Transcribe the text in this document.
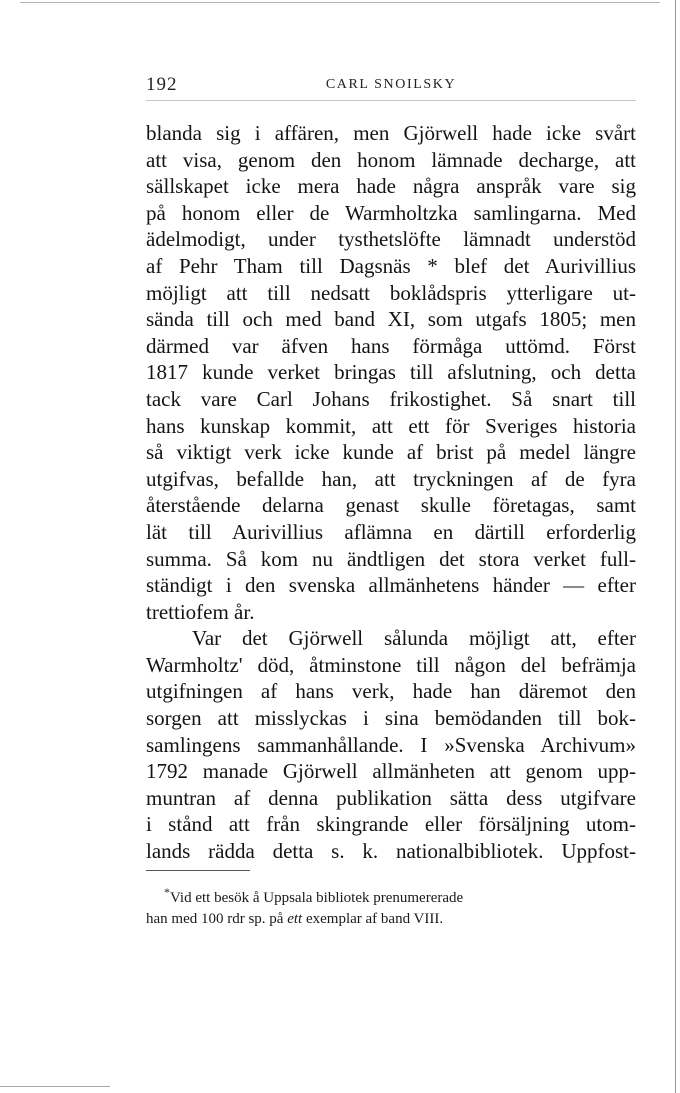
192	CARL SNOILSKY
blanda sig i affären, men Gjörwell hade icke svårt
att visa, genom den honom lämnade decharge, att
sällskapet icke mera hade några anspråk vare sig
på honom eller de Warmholtzka samlingarna. Med
ädelmodigt, under tysthetslöfte lämnadt understöd
af Pehr Tham till Dagsnäs * blef det Aurivillius
möjligt att till nedsatt boklådspris ytterligare ut-
sända till och med band XI, som utgafs 1805; men
därmed var äfven hans förmåga uttömd. Först
1817 kunde verket bringas till afslutning, och detta
tack vare Carl Johans frikostighet. Så snart till
hans kunskap kommit, att ett för Sveriges historia
så viktigt verk icke kunde af brist på medel längre
utgifvas, befallde han, att tryckningen af de fyra
återstående delarna genast skulle företagas, samt
lät till Aurivillius aflämna en därtill erforderlig
summa. Så kom nu ändtligen det stora verket full-
ständigt i den svenska allmänhetens händer — efter
trettiofem år.
Var det Gjörwell sålunda möjligt att, efter
Warmholtz' död, åtminstone till någon del befrämja
utgifningen af hans verk, hade han däremot den
sorgen att misslyckas i sina bemödanden till bok-
samlingens sammanhållande. I »Svenska Archivum»
1792 manade Gjörwell allmänheten att genom upp-
muntran af denna publikation sätta dess utgifvare
i stånd att från skingrande eller försäljning utom-
lands rädda detta s. k. nationalbibliotek. Uppfost-
*Vid ett besök å Uppsala bibliotek prenumererade
han med 100 rdr sp. på ett exemplar af band VIII.
